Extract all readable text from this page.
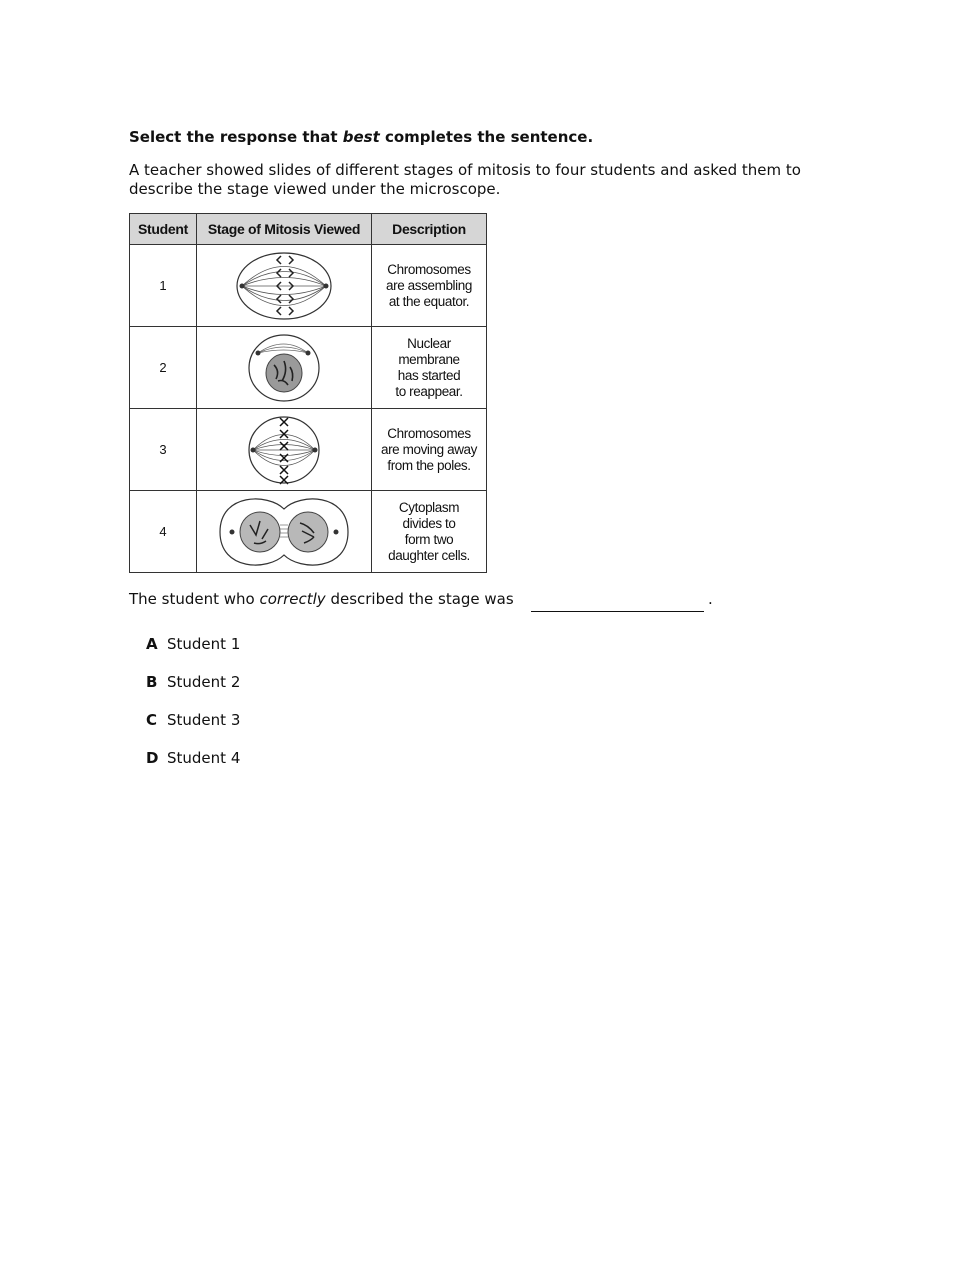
Select the response that best completes the sentence.

A teacher showed slides of different stages of mitosis to four students and asked them to describe the stage viewed under the microscope.

Student	Stage of Mitosis Viewed	Description
1		Chromosomes
are assembling
at the equator.

2		Nuclear
membrane
has started
to reappear.

3		Chromosomes
are moving away
from the poles.

4		Cytoplasm
divides to
form two
daughter cells.

The student who correctly described the stage was	.
A Student 1
B Student 2
C Student 3
D Student 4
